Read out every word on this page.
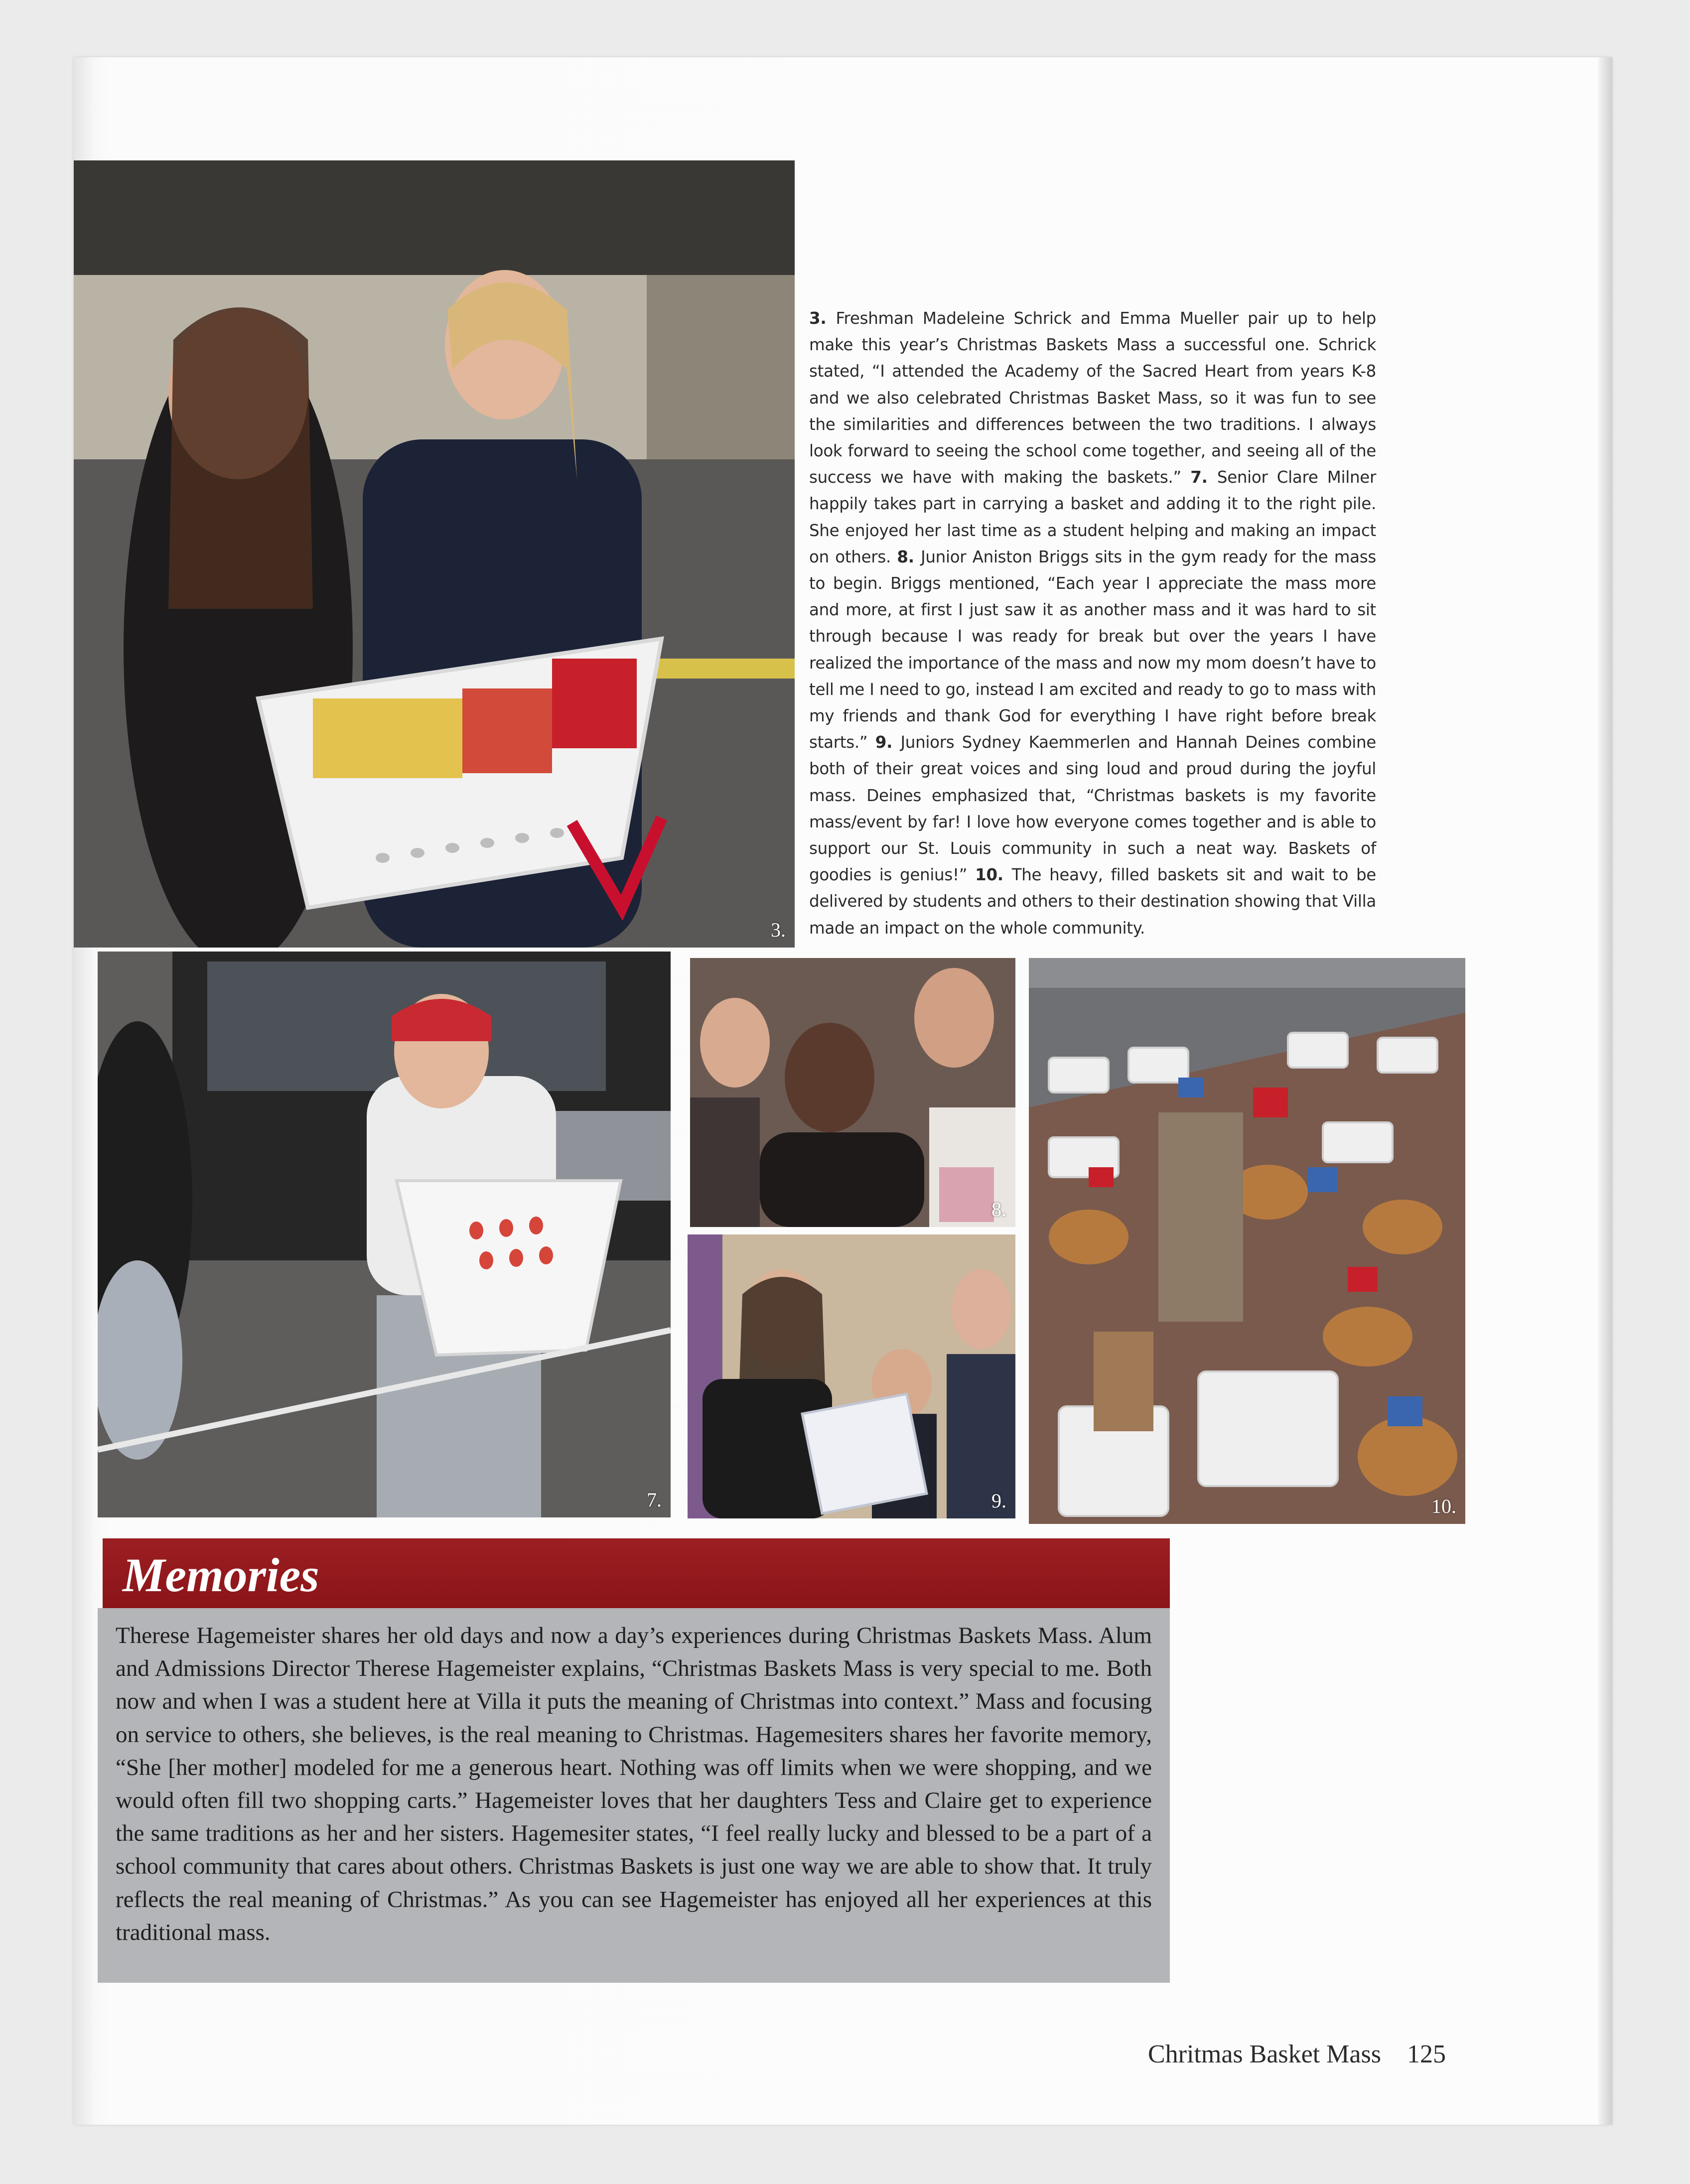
3.
3. Freshman Madeleine Schrick and Emma Mueller pair up to help make this year’s Christmas Baskets Mass a successful one. Schrick stated, “I attended the Academy of the Sacred Heart from years K-8 and we also celebrated Christmas Basket Mass, so it was fun to see the similarities and differences between the two traditions. I always look forward to seeing the school come together, and seeing all of the success we have with making the baskets.” 7. Senior Clare Milner happily takes part in carrying a basket and adding it to the right pile. She enjoyed her last time as a student helping and making an impact on others. 8. Junior Aniston Briggs sits in the gym ready for the mass to begin. Briggs mentioned, “Each year I appreciate the mass more and more, at first I just saw it as another mass and it was hard to sit through because I was ready for break but over the years I have realized the importance of the mass and now my mom doesn’t have to tell me I need to go, instead I am excited and ready to go to mass with my friends and thank God for everything I have right before break starts.” 9. Juniors Sydney Kaemmerlen and Hannah Deines combine both of their great voices and sing loud and proud during the joyful mass. Deines emphasized that, “Christmas baskets is my favorite mass/event by far! I love how everyone comes together and is able to support our St. Louis community in such a neat way. Baskets of goodies is genius!” 10. The heavy, filled baskets sit and wait to be delivered by students and others to their destination showing that Villa made an impact on the whole community.
7.
8.
9.	10.
Memories

Therese Hagemeister shares her old days and now a day’s experiences during Christmas Baskets Mass. Alum and Admissions Director Therese Hagemeister explains, “Christmas Baskets Mass is very special to me. Both now and when I was a student here at Villa it puts the meaning of Christmas into context.” Mass and focusing on service to others, she believes, is the real meaning to Christmas. Hagemesiters shares her favorite memory, “She [her mother] modeled for me a generous heart. Nothing was off limits when we were shopping, and we would often fill two shopping carts.” Hagemeister loves that her daughters Tess and Claire get to experience the same traditions as her and her sisters. Hagemesiter states, “I feel really lucky and blessed to be a part of a school community that cares about others. Christmas Baskets is just one way we are able to show that. It truly reflects the real meaning of Christmas.” As you can see Hagemeister has enjoyed all her experiences at this traditional mass.

Chritmas Basket Mass 125
